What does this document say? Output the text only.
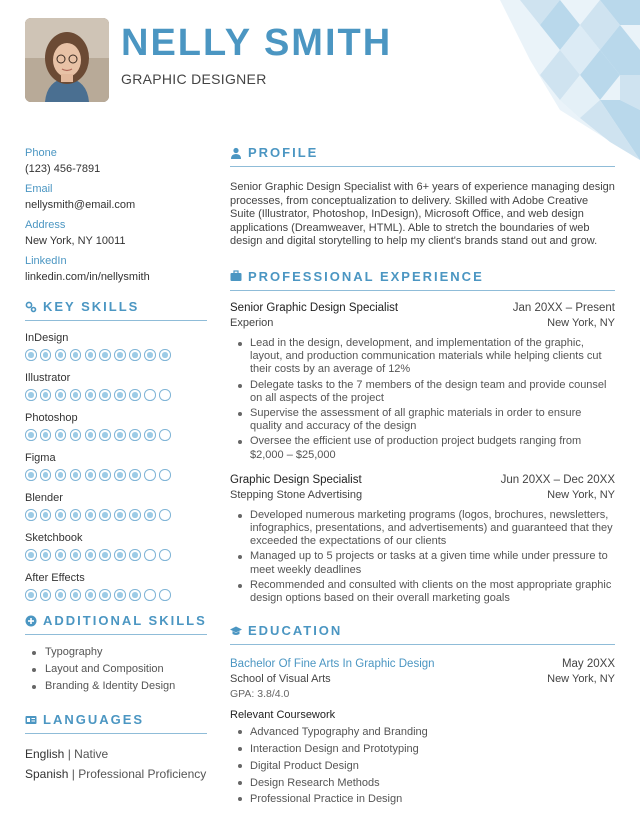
NELLY SMITH
GRAPHIC DESIGNER
Phone
(123) 456-7891
Email
nellysmith@email.com
Address
New York, NY 10011
LinkedIn
linkedin.com/in/nellysmith
KEY SKILLS
InDesign
Illustrator
Photoshop
Figma
Blender
Sketchbook
After Effects
ADDITIONAL SKILLS
Typography
Layout and Composition
Branding & Identity Design
LANGUAGES
English | Native
Spanish | Professional Proficiency
PROFILE

Senior Graphic Design Specialist with 6+ years of experience managing design processes, from conceptualization to delivery. Skilled with Adobe Creative Suite (Illustrator, Photoshop, InDesign), Microsoft Office, and web design applications (Dreamweaver, HTML). Able to stretch the boundaries of web design and digital storytelling to help my client's brands stand out and grow.

PROFESSIONAL EXPERIENCE
Senior Graphic Design Specialist	Jan 20XX – Present
Experion	New York, NY
Lead in the design, development, and implementation of the graphic, layout, and production communication materials while helping clients cut their costs by an average of 12%
Delegate tasks to the 7 members of the design team and provide counsel on all aspects of the project
Supervise the assessment of all graphic materials in order to ensure quality and accuracy of the design
Oversee the efficient use of production project budgets ranging from $2,000 – $25,000
Graphic Design Specialist	Jun 20XX – Dec 20XX
Stepping Stone Advertising	New York, NY
Developed numerous marketing programs (logos, brochures, newsletters, infographics, presentations, and advertisements) and guaranteed that they exceeded the expectations of our clients
Managed up to 5 projects or tasks at a given time while under pressure to meet weekly deadlines
Recommended and consulted with clients on the most appropriate graphic design options based on their overall marketing goals
EDUCATION
Bachelor Of Fine Arts In Graphic Design	May 20XX
School of Visual Arts	New York, NY
GPA: 3.8/4.0
Relevant Coursework
Advanced Typography and Branding
Interaction Design and Prototyping
Digital Product Design
Design Research Methods
Professional Practice in Design
